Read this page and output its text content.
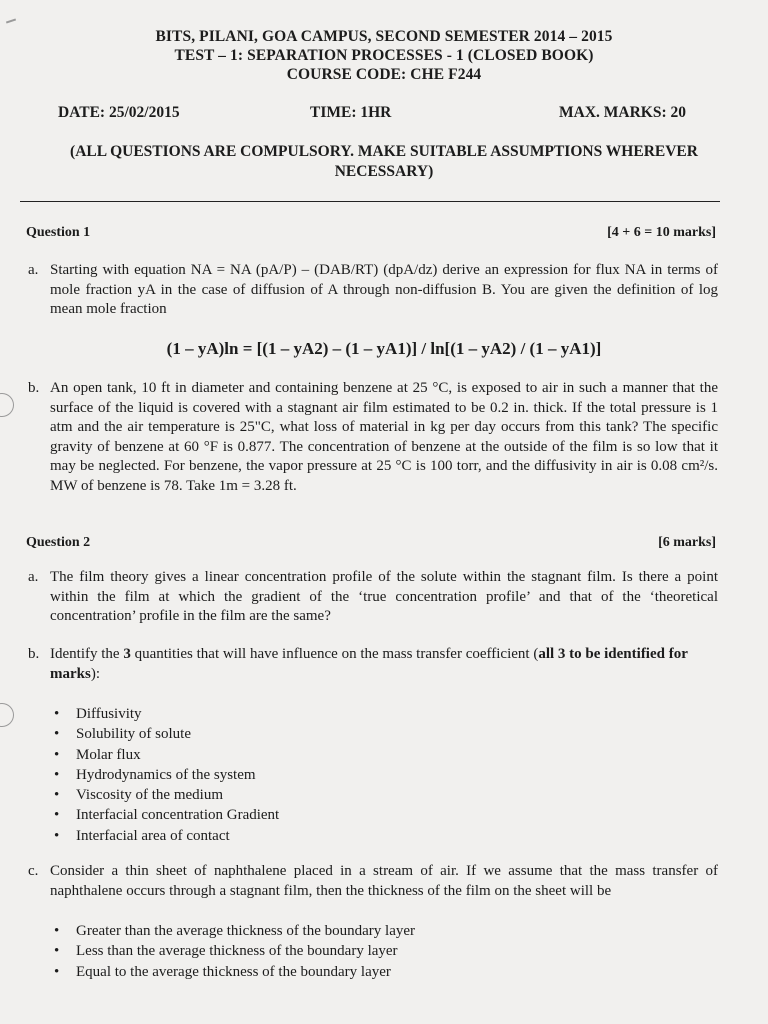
BITS, PILANI, GOA CAMPUS, SECOND SEMESTER 2014 – 2015
TEST – 1: SEPARATION PROCESSES - 1 (CLOSED BOOK)
COURSE CODE: CHE F244
DATE: 25/02/2015	TIME: 1HR	MAX. MARKS: 20
(ALL QUESTIONS ARE COMPULSORY. MAKE SUITABLE ASSUMPTIONS WHEREVER
NECESSARY)
Question 1	[4 + 6 = 10 marks]
a. Starting with equation NA = NA (pA/P) – (DAB/RT) (dpA/dz) derive an expression for flux NA in terms of mole fraction yA in the case of diffusion of A through non-diffusion B. You are given the definition of log mean mole fraction
(1 – yA)ln = [(1 – yA2) – (1 – yA1)] / ln[(1 – yA2) / (1 – yA1)]
b. An open tank, 10 ft in diameter and containing benzene at 25 °C, is exposed to air in such a manner that the surface of the liquid is covered with a stagnant air film estimated to be 0.2 in. thick. If the total pressure is 1 atm and the air temperature is 25"C, what loss of material in kg per day occurs from this tank? The specific gravity of benzene at 60 °F is 0.877. The concentration of benzene at the outside of the film is so low that it may be neglected. For benzene, the vapor pressure at 25 °C is 100 torr, and the diffusivity in air is 0.08 cm²/s. MW of benzene is 78. Take 1m = 3.28 ft.
Question 2	[6 marks]
a. The film theory gives a linear concentration profile of the solute within the stagnant film. Is there a point within the film at which the gradient of the ‘true concentration profile’ and that of the ‘theoretical concentration’ profile in the film are the same?
b. Identify the 3 quantities that will have influence on the mass transfer coefficient (all 3 to be identified for marks):
• Diffusivity
• Solubility of solute
• Molar flux
• Hydrodynamics of the system
• Viscosity of the medium
• Interfacial concentration Gradient
• Interfacial area of contact
c. Consider a thin sheet of naphthalene placed in a stream of air. If we assume that the mass transfer of naphthalene occurs through a stagnant film, then the thickness of the film on the sheet will be
• Greater than the average thickness of the boundary layer
• Less than the average thickness of the boundary layer
• Equal to the average thickness of the boundary layer
